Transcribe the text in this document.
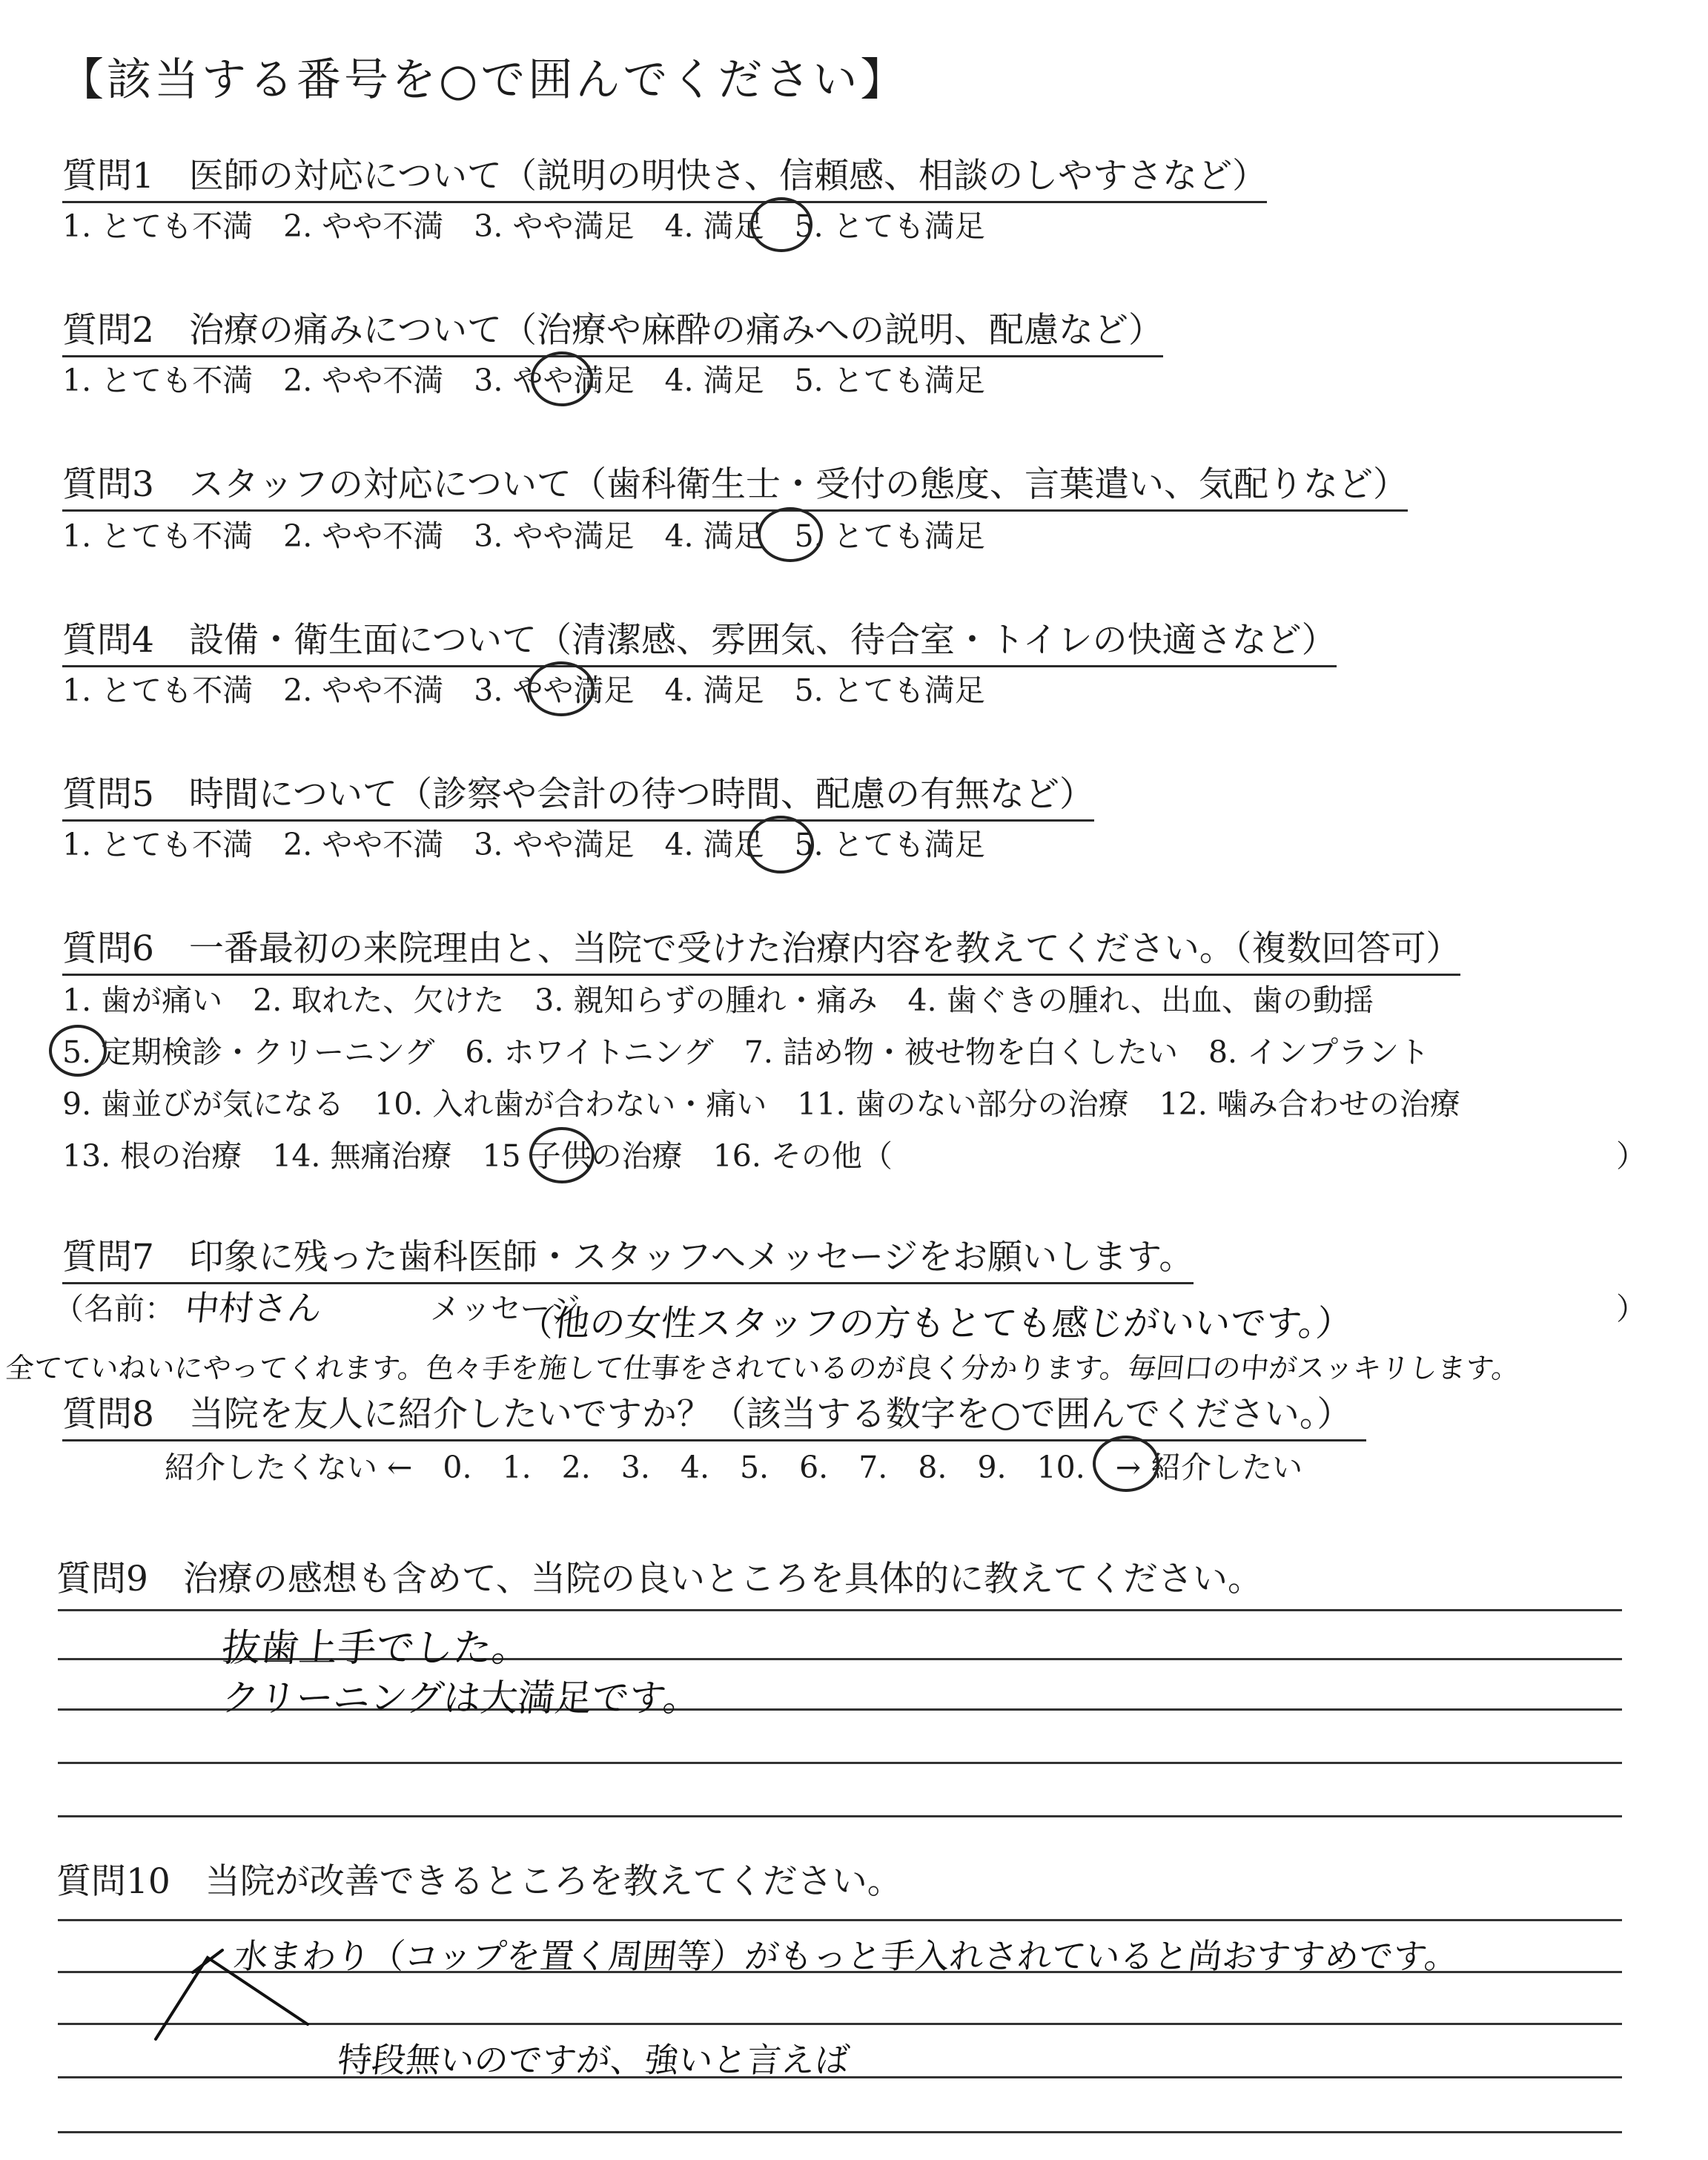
【該当する番号を○で囲んでください】
質問1　医師の対応について（説明の明快さ、信頼感、相談のしやすさなど）
1. とても不満　2. やや不満　3. やや満足　4. 満足　5. とても満足
質問2　治療の痛みについて（治療や麻酔の痛みへの説明、配慮など）
1. とても不満　2. やや不満　3. やや満足　4. 満足　5. とても満足
質問3　スタッフの対応について（歯科衛生士・受付の態度、言葉遣い、気配りなど）
1. とても不満　2. やや不満　3. やや満足　4. 満足　5. とても満足
質問4　設備・衛生面について（清潔感、雰囲気、待合室・トイレの快適さなど）
1. とても不満　2. やや不満　3. やや満足　4. 満足　5. とても満足
質問5　時間について（診察や会計の待つ時間、配慮の有無など）
1. とても不満　2. やや不満　3. やや満足　4. 満足　5. とても満足
質問6　一番最初の来院理由と、当院で受けた治療内容を教えてください。（複数回答可）
1. 歯が痛い　2. 取れた、欠けた　3. 親知らずの腫れ・痛み　4. 歯ぐきの腫れ、出血、歯の動揺
5. 定期検診・クリーニング　6. ホワイトニング　7. 詰め物・被せ物を白くしたい　8. インプラント
9. 歯並びが気になる　10. 入れ歯が合わない・痛い　11. 歯のない部分の治療　12. 噛み合わせの治療
13. 根の治療　14. 無痛治療　15 子供の治療　16. その他（	）
質問7　印象に残った歯科医師・スタッフへメッセージをお願いします。
（名前： 中村さん	メッセージ
（他の女性スタッフの方もとても感じがいいです。）	）
全てていねいにやってくれます。色々手を施して仕事をされているのが良く分かります。毎回口の中がスッキリします。
質問8　当院を友人に紹介したいですか？（該当する数字を○で囲んでください。）
紹介したくない ←　0.　1.　2.　3.　4.　5.　6.　7.　8.　9.　10.　→ 紹介したい
質問9　治療の感想も含めて、当院の良いところを具体的に教えてください。
抜歯上手でした。
クリーニングは大満足です。
質問10　当院が改善できるところを教えてください。
水まわり（コップを置く周囲等）がもっと手入れされていると尚おすすめです。
特段無いのですが、強いと言えば
